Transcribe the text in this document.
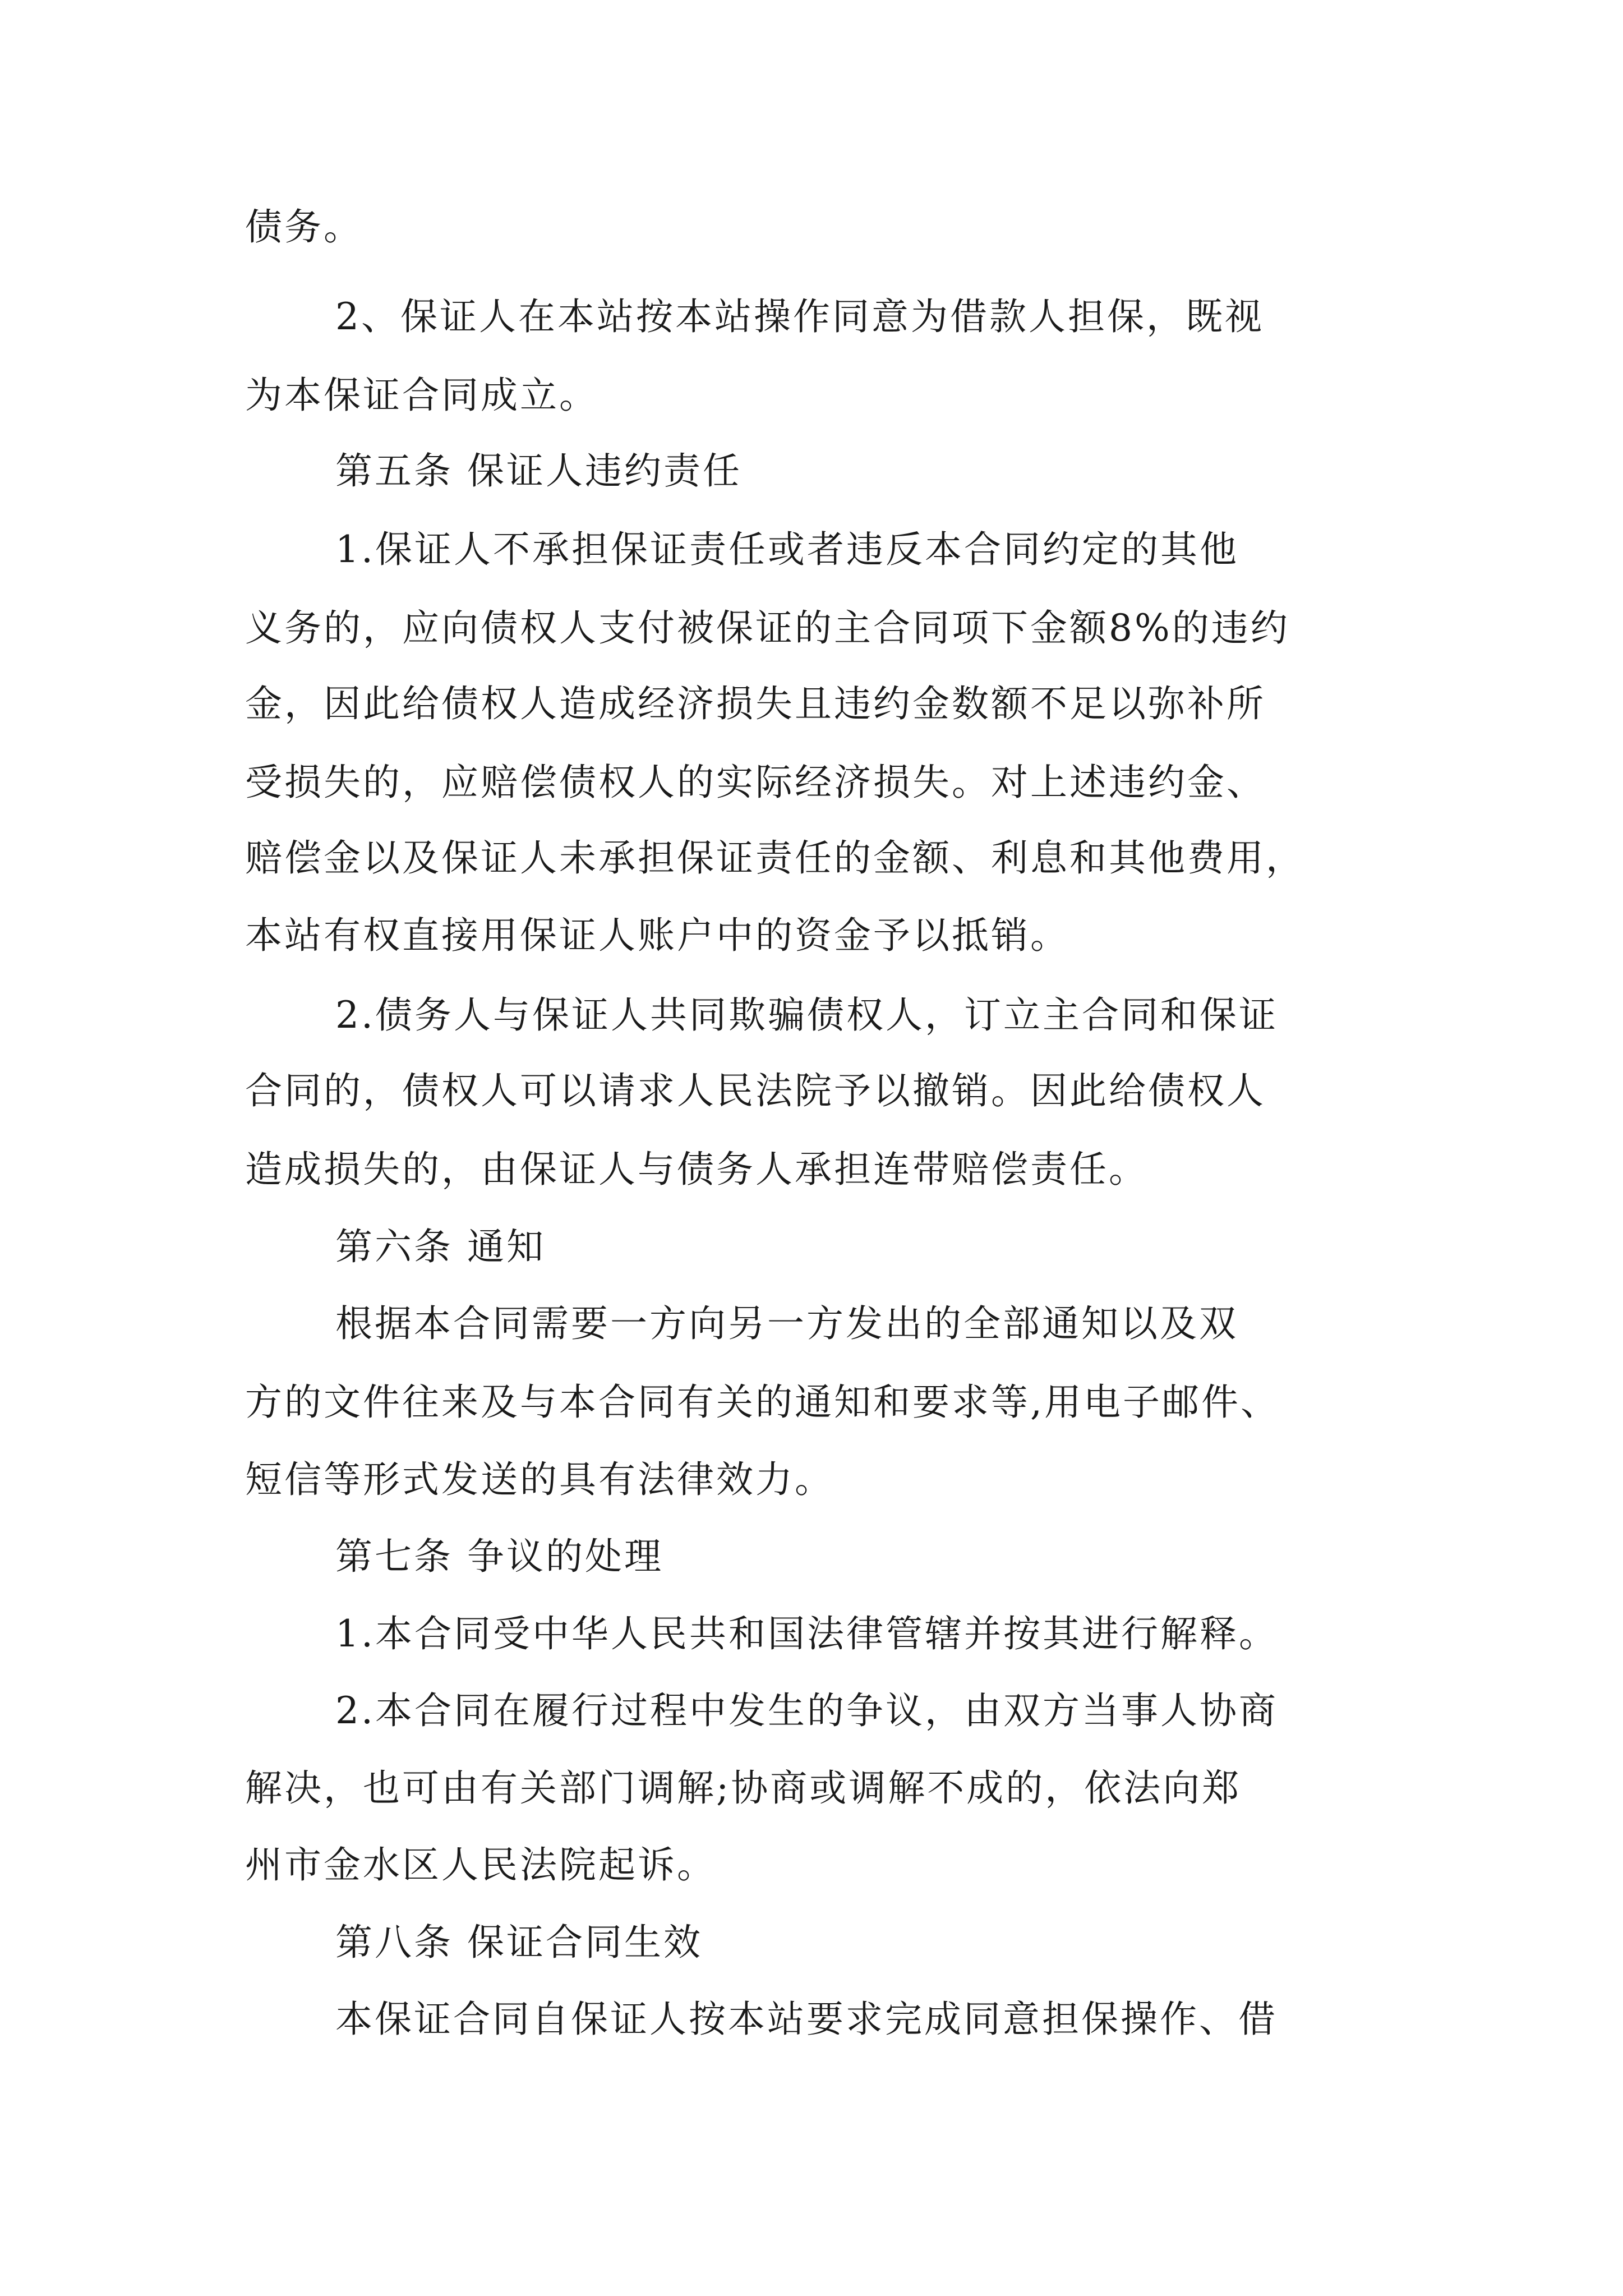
债务。
2、保证人在本站按本站操作同意为借款人担保，既视
为本保证合同成立。
第五条 保证人违约责任
1.保证人不承担保证责任或者违反本合同约定的其他
义务的，应向债权人支付被保证的主合同项下金额8%的违约
金，因此给债权人造成经济损失且违约金数额不足以弥补所
受损失的，应赔偿债权人的实际经济损失。对上述违约金、
赔偿金以及保证人未承担保证责任的金额、利息和其他费用，
本站有权直接用保证人账户中的资金予以抵销。
2.债务人与保证人共同欺骗债权人，订立主合同和保证
合同的，债权人可以请求人民法院予以撤销。因此给债权人
造成损失的，由保证人与债务人承担连带赔偿责任。
第六条 通知
根据本合同需要一方向另一方发出的全部通知以及双
方的文件往来及与本合同有关的通知和要求等,用电子邮件、
短信等形式发送的具有法律效力。
第七条 争议的处理
1.本合同受中华人民共和国法律管辖并按其进行解释。
2.本合同在履行过程中发生的争议，由双方当事人协商
解决，也可由有关部门调解;协商或调解不成的，依法向郑
州市金水区人民法院起诉。
第八条 保证合同生效
本保证合同自保证人按本站要求完成同意担保操作、借
